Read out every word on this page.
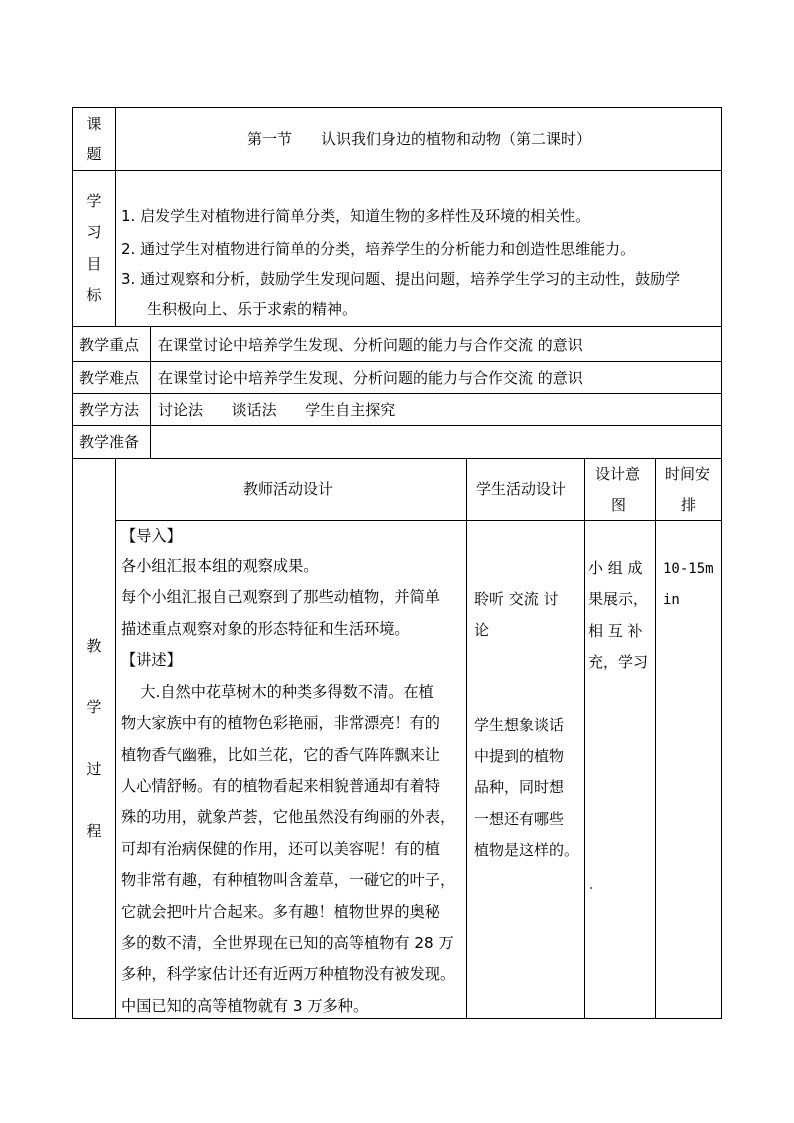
课
题
第一节 认识我们身边的植物和动物（第二课时）
学
习
目
标
1. 启发学生对植物进行简单分类，知道生物的多样性及环境的相关性。
2. 通过学生对植物进行简单的分类，培养学生的分析能力和创造性思维能力。
3. 通过观察和分析，鼓励学生发现问题、提出问题，培养学生学习的主动性，鼓励学
生积极向上、乐于求索的精神。
教学重点 在课堂讨论中培养学生发现、分析问题的能力与合作交流 的意识
教学难点 在课堂讨论中培养学生发现、分析问题的能力与合作交流 的意识
教学方法 讨论法      谈话法      学生自主探究
教学准备
教
学
过
程
教师活动设计	学生活动设计
设计意
图
时间安
排
【导入】
各小组汇报本组的观察成果。
每个小组汇报自己观察到了那些动植物，并简单
描述重点观察对象的形态特征和生活环境。
【讲述】
大.自然中花草树木的种类多得数不清。在植
物大家族中有的植物色彩艳丽，非常漂亮！有的
植物香气幽雅，比如兰花，它的香气阵阵飘来让
人心情舒畅。有的植物看起来相貌普通却有着特
殊的功用，就象芦荟，它他虽然没有绚丽的外表，
可却有治病保健的作用，还可以美容呢！有的植
物非常有趣，有种植物叫含羞草，一碰它的叶子，
它就会把叶片合起来。多有趣！植物世界的奥秘
多的数不清，全世界现在已知的高等植物有 28 万
多种，科学家估计还有近两万种植物没有被发现。
中国已知的高等植物就有 3 万多种。
聆听 交流 讨
论
学生想象谈话
中提到的植物
品种，同时想
一想还有哪些
植物是这样的。
小 组 成
果展示，
相 互 补
充，学习
10-15m
in
